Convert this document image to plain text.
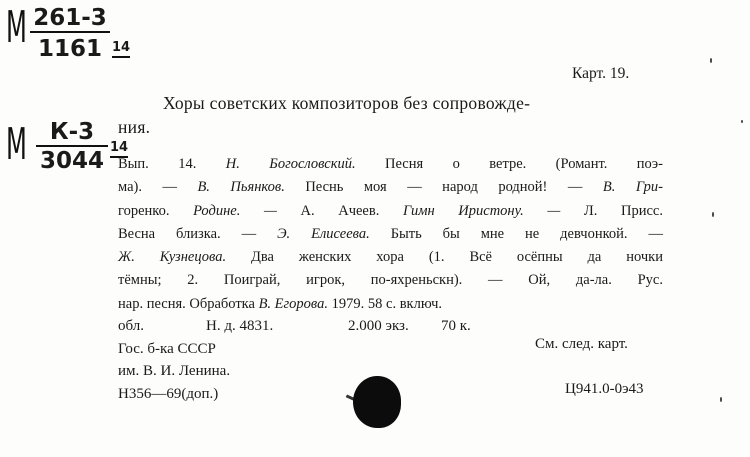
М 261-3
1161 14
М К-3
3044
14
Карт. 19.
Хоры советских композиторов без сопровожде-
ния.
Вып. 14. Н. Богословский. Песня о ветре. (Романт. поэ-
ма). — В. Пьянков. Песнь моя — народ родной! — В. Гри-
горенко. Родине. — А. Ачеев. Гимн Иристону. — Л. Присс.
Весна близка. — Э. Елисеева. Быть бы мне не девчонкой. —
Ж. Кузнецова. Два женских хора (1. Всё осёпны да ночки
тёмны; 2. Поиграй, игрок, по-яхреньскн). — Ой, да-ла. Рус.
нар. песня. Обработка В. Егорова. 1979. 58 с. включ.
обл.	Н. д. 4831.	2.000 экз. 70 к.
Гос. б-ка СССР
им. В. И. Ленина.
Н356—69(доп.)
См. след. карт.
Ц941.0-0э43
